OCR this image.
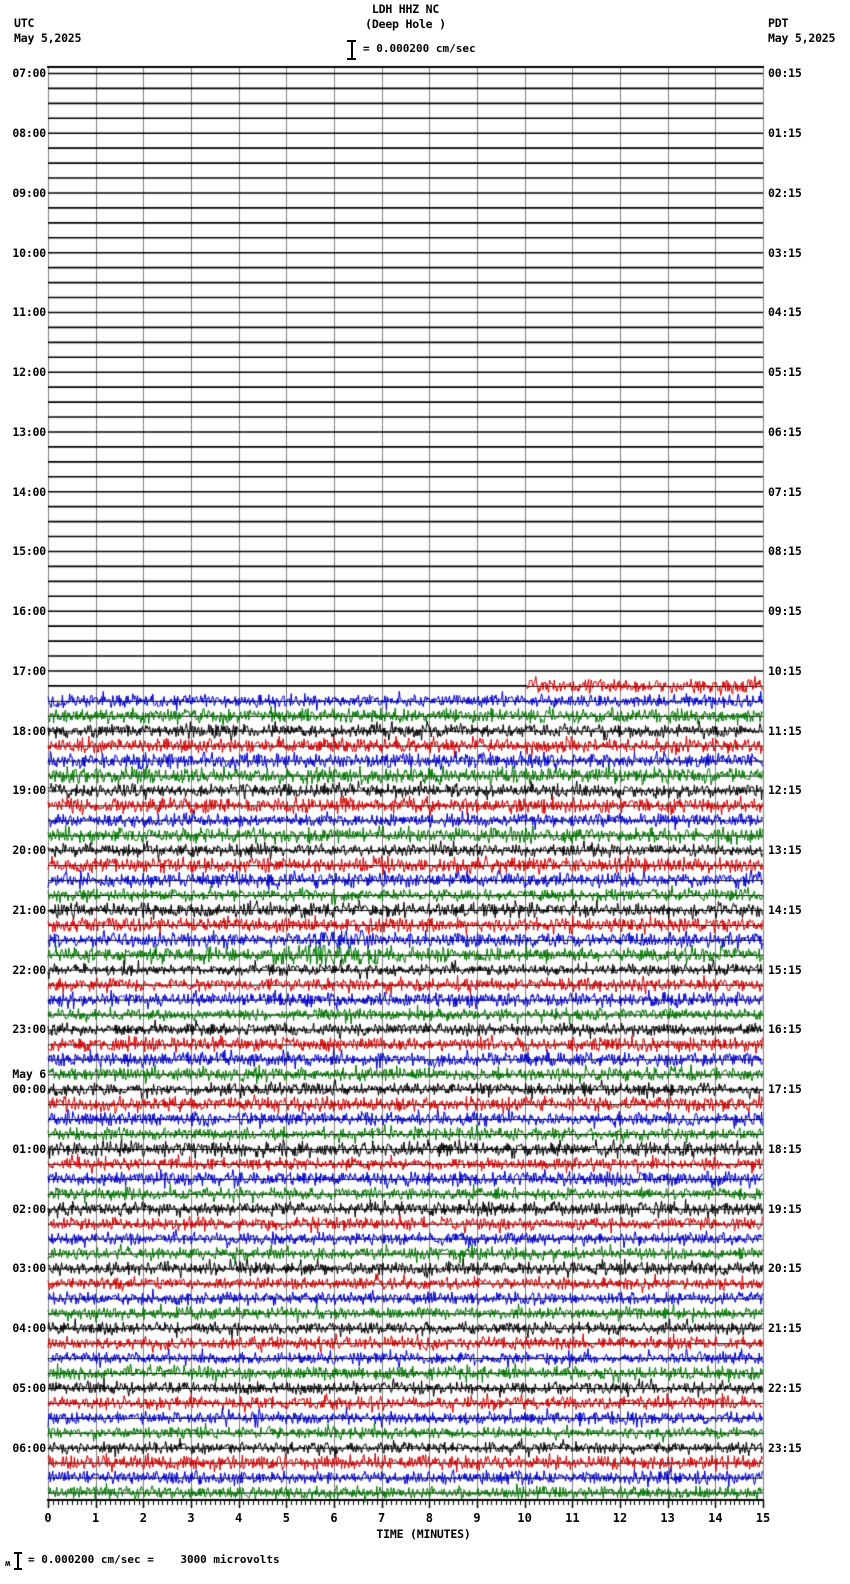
LDH HHZ NC
(Deep Hole )
UTC
May 5,2025
PDT
May 5,2025
= 0.000200 cm/sec
May 6
TIME (MINUTES)
ʍ = 0.000200 cm/sec =    3000 microvolts
07:00	00:15
08:00	01:15
09:00	02:15
10:00	03:15
11:00	04:15
12:00	05:15
13:00	06:15
14:00	07:15
15:00	08:15
16:00	09:15
17:00	10:15
18:00	11:15
19:00	12:15
20:00	13:15
21:00	14:15
22:00	15:15
23:00	16:15
00:00	17:15
01:00	18:15
02:00	19:15
03:00	20:15
04:00	21:15
05:00	22:15
06:00	23:15
0	1	2	3	4	5	6	7	8	9	10	11	12	13	14	15
